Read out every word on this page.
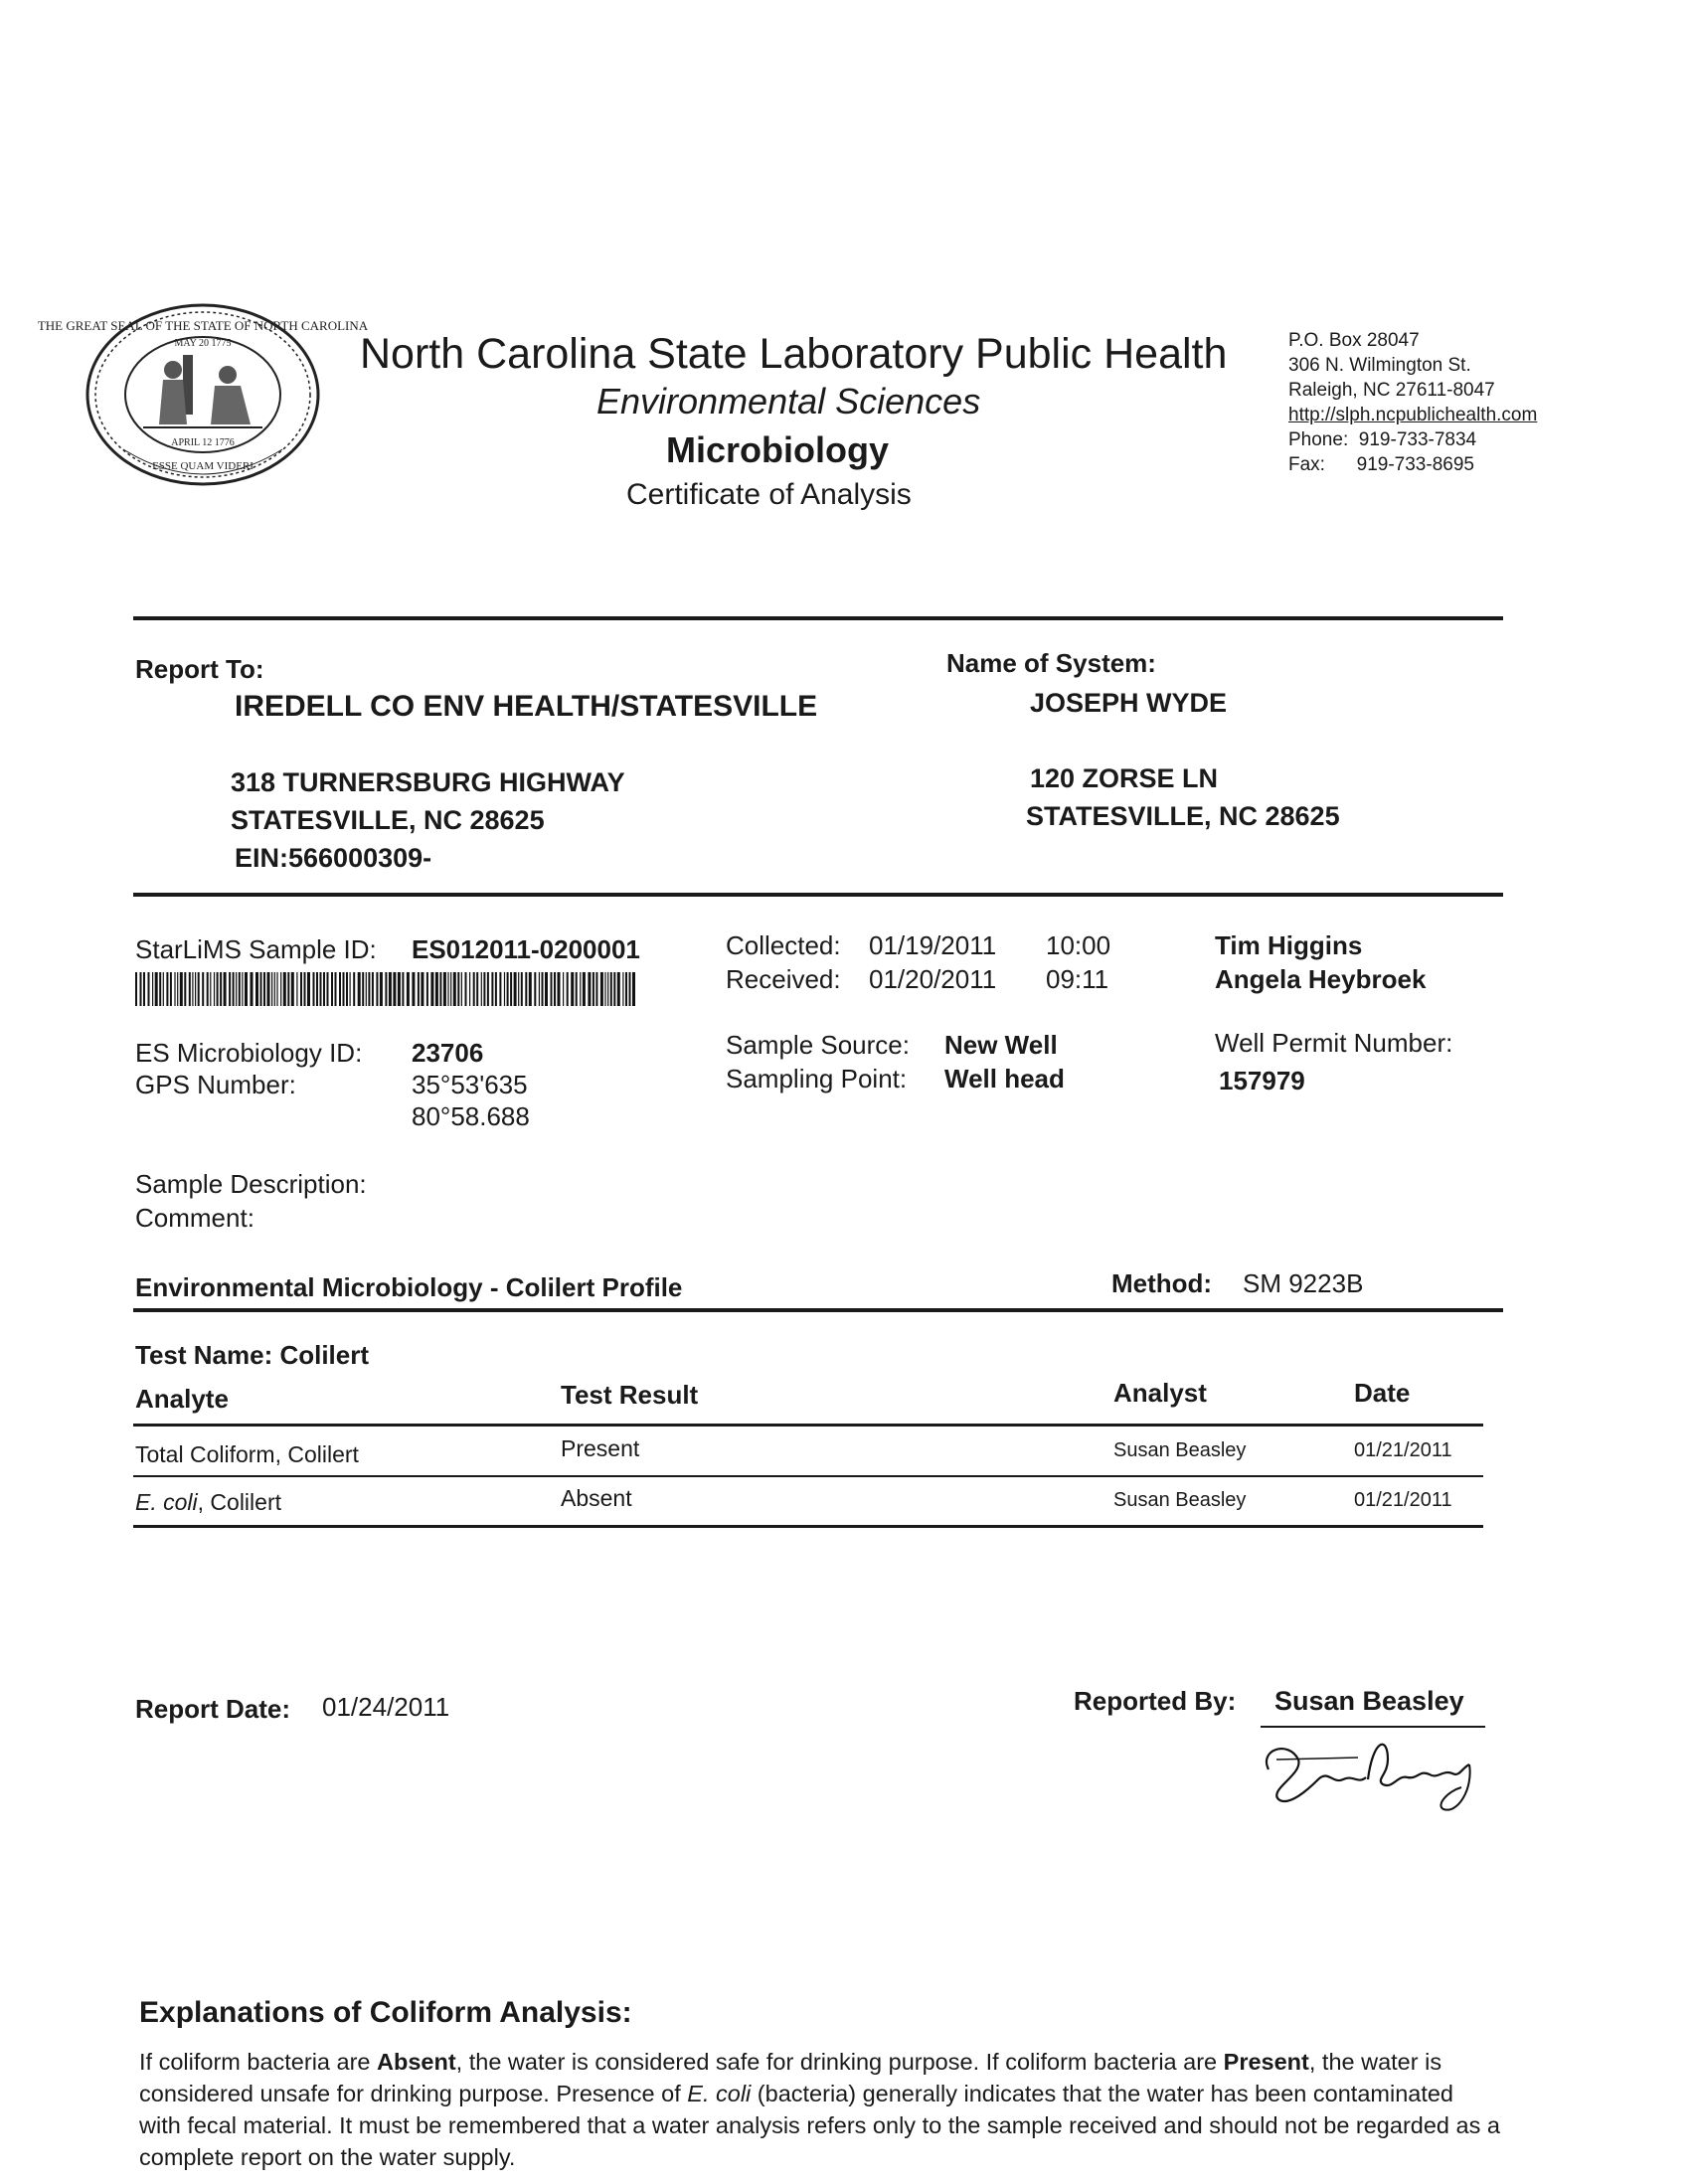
THE GREAT SEAL OF THE STATE OF NORTH CAROLINA
MAY 20 1775
APRIL 12 1776
ESSE QUAM VIDERI
North Carolina State Laboratory Public Health
Environmental Sciences
Microbiology
Certificate of Analysis
P.O. Box 28047
306 N. Wilmington St.
Raleigh, NC 27611-8047
http://slph.ncpublichealth.com
Phone: 919-733-7834
Fax: 919-733-8695
Report To:
IREDELL CO ENV HEALTH/STATESVILLE
318 TURNERSBURG HIGHWAY
STATESVILLE, NC 28625
EIN:566000309-
Name of System:
JOSEPH WYDE
120 ZORSE LN
STATESVILLE, NC 28625
StarLiMS Sample ID: ES012011-0200001	Collected: 01/19/2011 10:00
Received: 01/20/2011 09:11
Tim Higgins
Angela Heybroek
ES Microbiology ID: 23706
GPS Number:	35°53'635
80°58.688
Sample Source: New Well
Sampling Point: Well head
Well Permit Number:
157979
Sample Description:
Comment:
Environmental Microbiology - Colilert Profile	Method: SM 9223B
Test Name: Colilert
Analyte	Test Result	Analyst	Date
Total Coliform, Colilert	Present	Susan Beasley	01/21/2011
E. coli, Colilert	Absent	Susan Beasley	01/21/2011
Report Date: 01/24/2011	Reported By: Susan Beasley
Susan Beasley
Explanations of Coliform Analysis:
If coliform bacteria are Absent, the water is considered safe for drinking purpose. If coliform bacteria are Present, the water is considered unsafe for drinking purpose. Presence of E. coli (bacteria) generally indicates that the water has been contaminated with fecal material. It must be remembered that a water analysis refers only to the sample received and should not be regarded as a complete report on the water supply.
